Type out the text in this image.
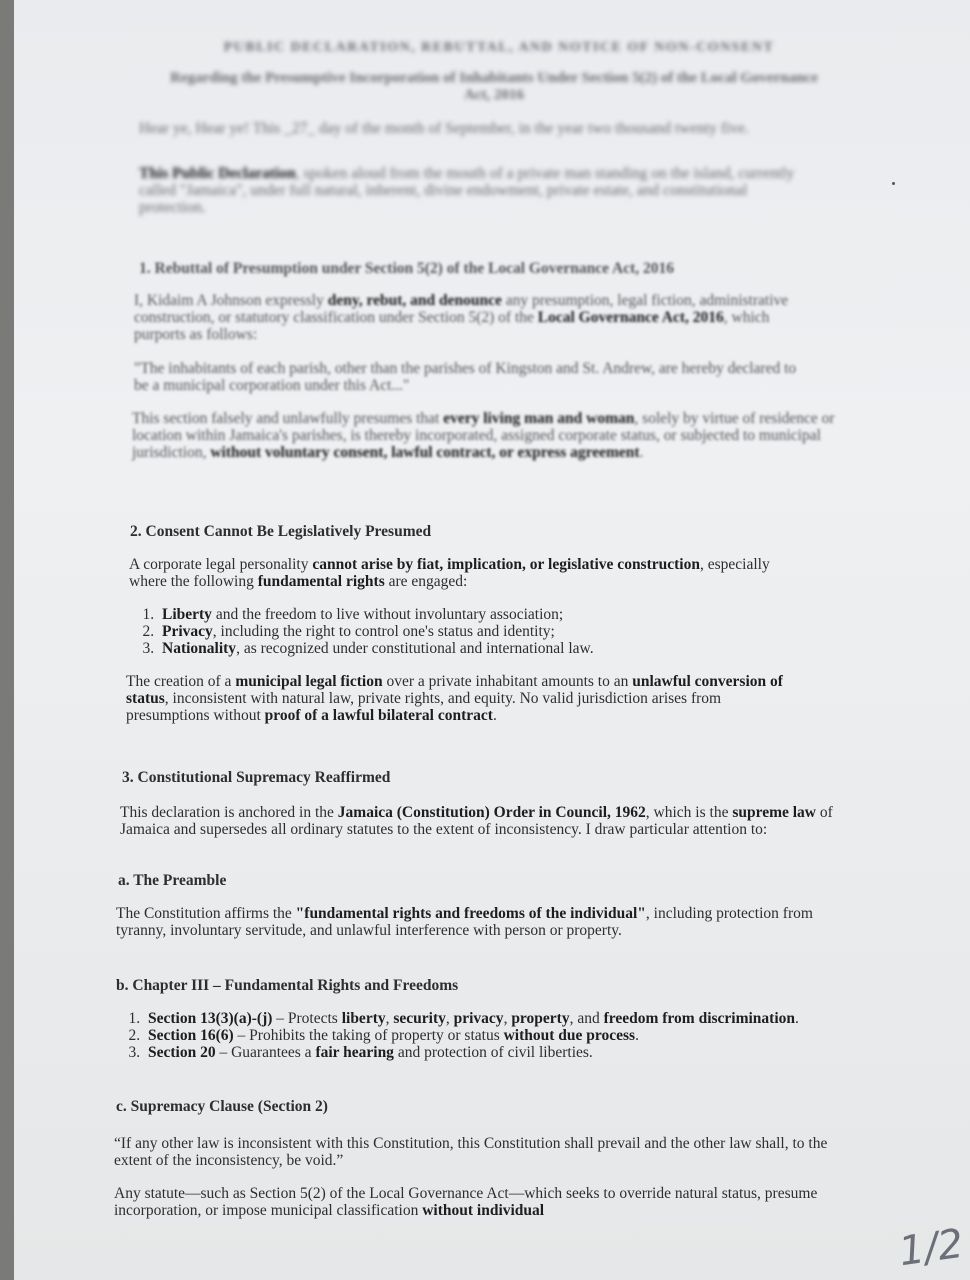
PUBLIC DECLARATION, REBUTTAL, AND NOTICE OF NON-CONSENT

Regarding the Presumptive Incorporation of Inhabitants Under Section 5(2) of the Local Governance Act, 2016

Hear ye, Hear ye! This _27_ day of the month of September, in the year two thousand twenty five.

This Public Declaration, spoken aloud from the mouth of a private man standing on the island, currently called "Jamaica", under full natural, inherent, divine endowment, private estate, and constitutional protection.

1. Rebuttal of Presumption under Section 5(2) of the Local Governance Act, 2016

I, Kidaim A Johnson expressly deny, rebut, and denounce any presumption, legal fiction, administrative construction, or statutory classification under Section 5(2) of the Local Governance Act, 2016, which purports as follows:

"The inhabitants of each parish, other than the parishes of Kingston and St. Andrew, are hereby declared to be a municipal corporation under this Act..."

This section falsely and unlawfully presumes that every living man and woman, solely by virtue of residence or location within Jamaica's parishes, is thereby incorporated, assigned corporate status, or subjected to municipal jurisdiction, without voluntary consent, lawful contract, or express agreement.

2. Consent Cannot Be Legislatively Presumed

A corporate legal personality cannot arise by fiat, implication, or legislative construction, especially where the following fundamental rights are engaged:

1. Liberty and the freedom to live without involuntary association;
2. Privacy, including the right to control one's status and identity;
3. Nationality, as recognized under constitutional and international law.

The creation of a municipal legal fiction over a private inhabitant amounts to an unlawful conversion of status, inconsistent with natural law, private rights, and equity. No valid jurisdiction arises from presumptions without proof of a lawful bilateral contract.

3. Constitutional Supremacy Reaffirmed

This declaration is anchored in the Jamaica (Constitution) Order in Council, 1962, which is the supreme law of Jamaica and supersedes all ordinary statutes to the extent of inconsistency. I draw particular attention to:

a. The Preamble

The Constitution affirms the "fundamental rights and freedoms of the individual", including protection from tyranny, involuntary servitude, and unlawful interference with person or property.

b. Chapter III – Fundamental Rights and Freedoms
1. Section 13(3)(a)-(j) – Protects liberty, security, privacy, property, and freedom from discrimination.
2. Section 16(6) – Prohibits the taking of property or status without due process.
3. Section 20 – Guarantees a fair hearing and protection of civil liberties.
c. Supremacy Clause (Section 2)

“If any other law is inconsistent with this Constitution, this Constitution shall prevail and the other law shall, to the extent of the inconsistency, be void.”

Any statute—such as Section 5(2) of the Local Governance Act—which seeks to override natural status, presume incorporation, or impose municipal classification without individual

1/2
